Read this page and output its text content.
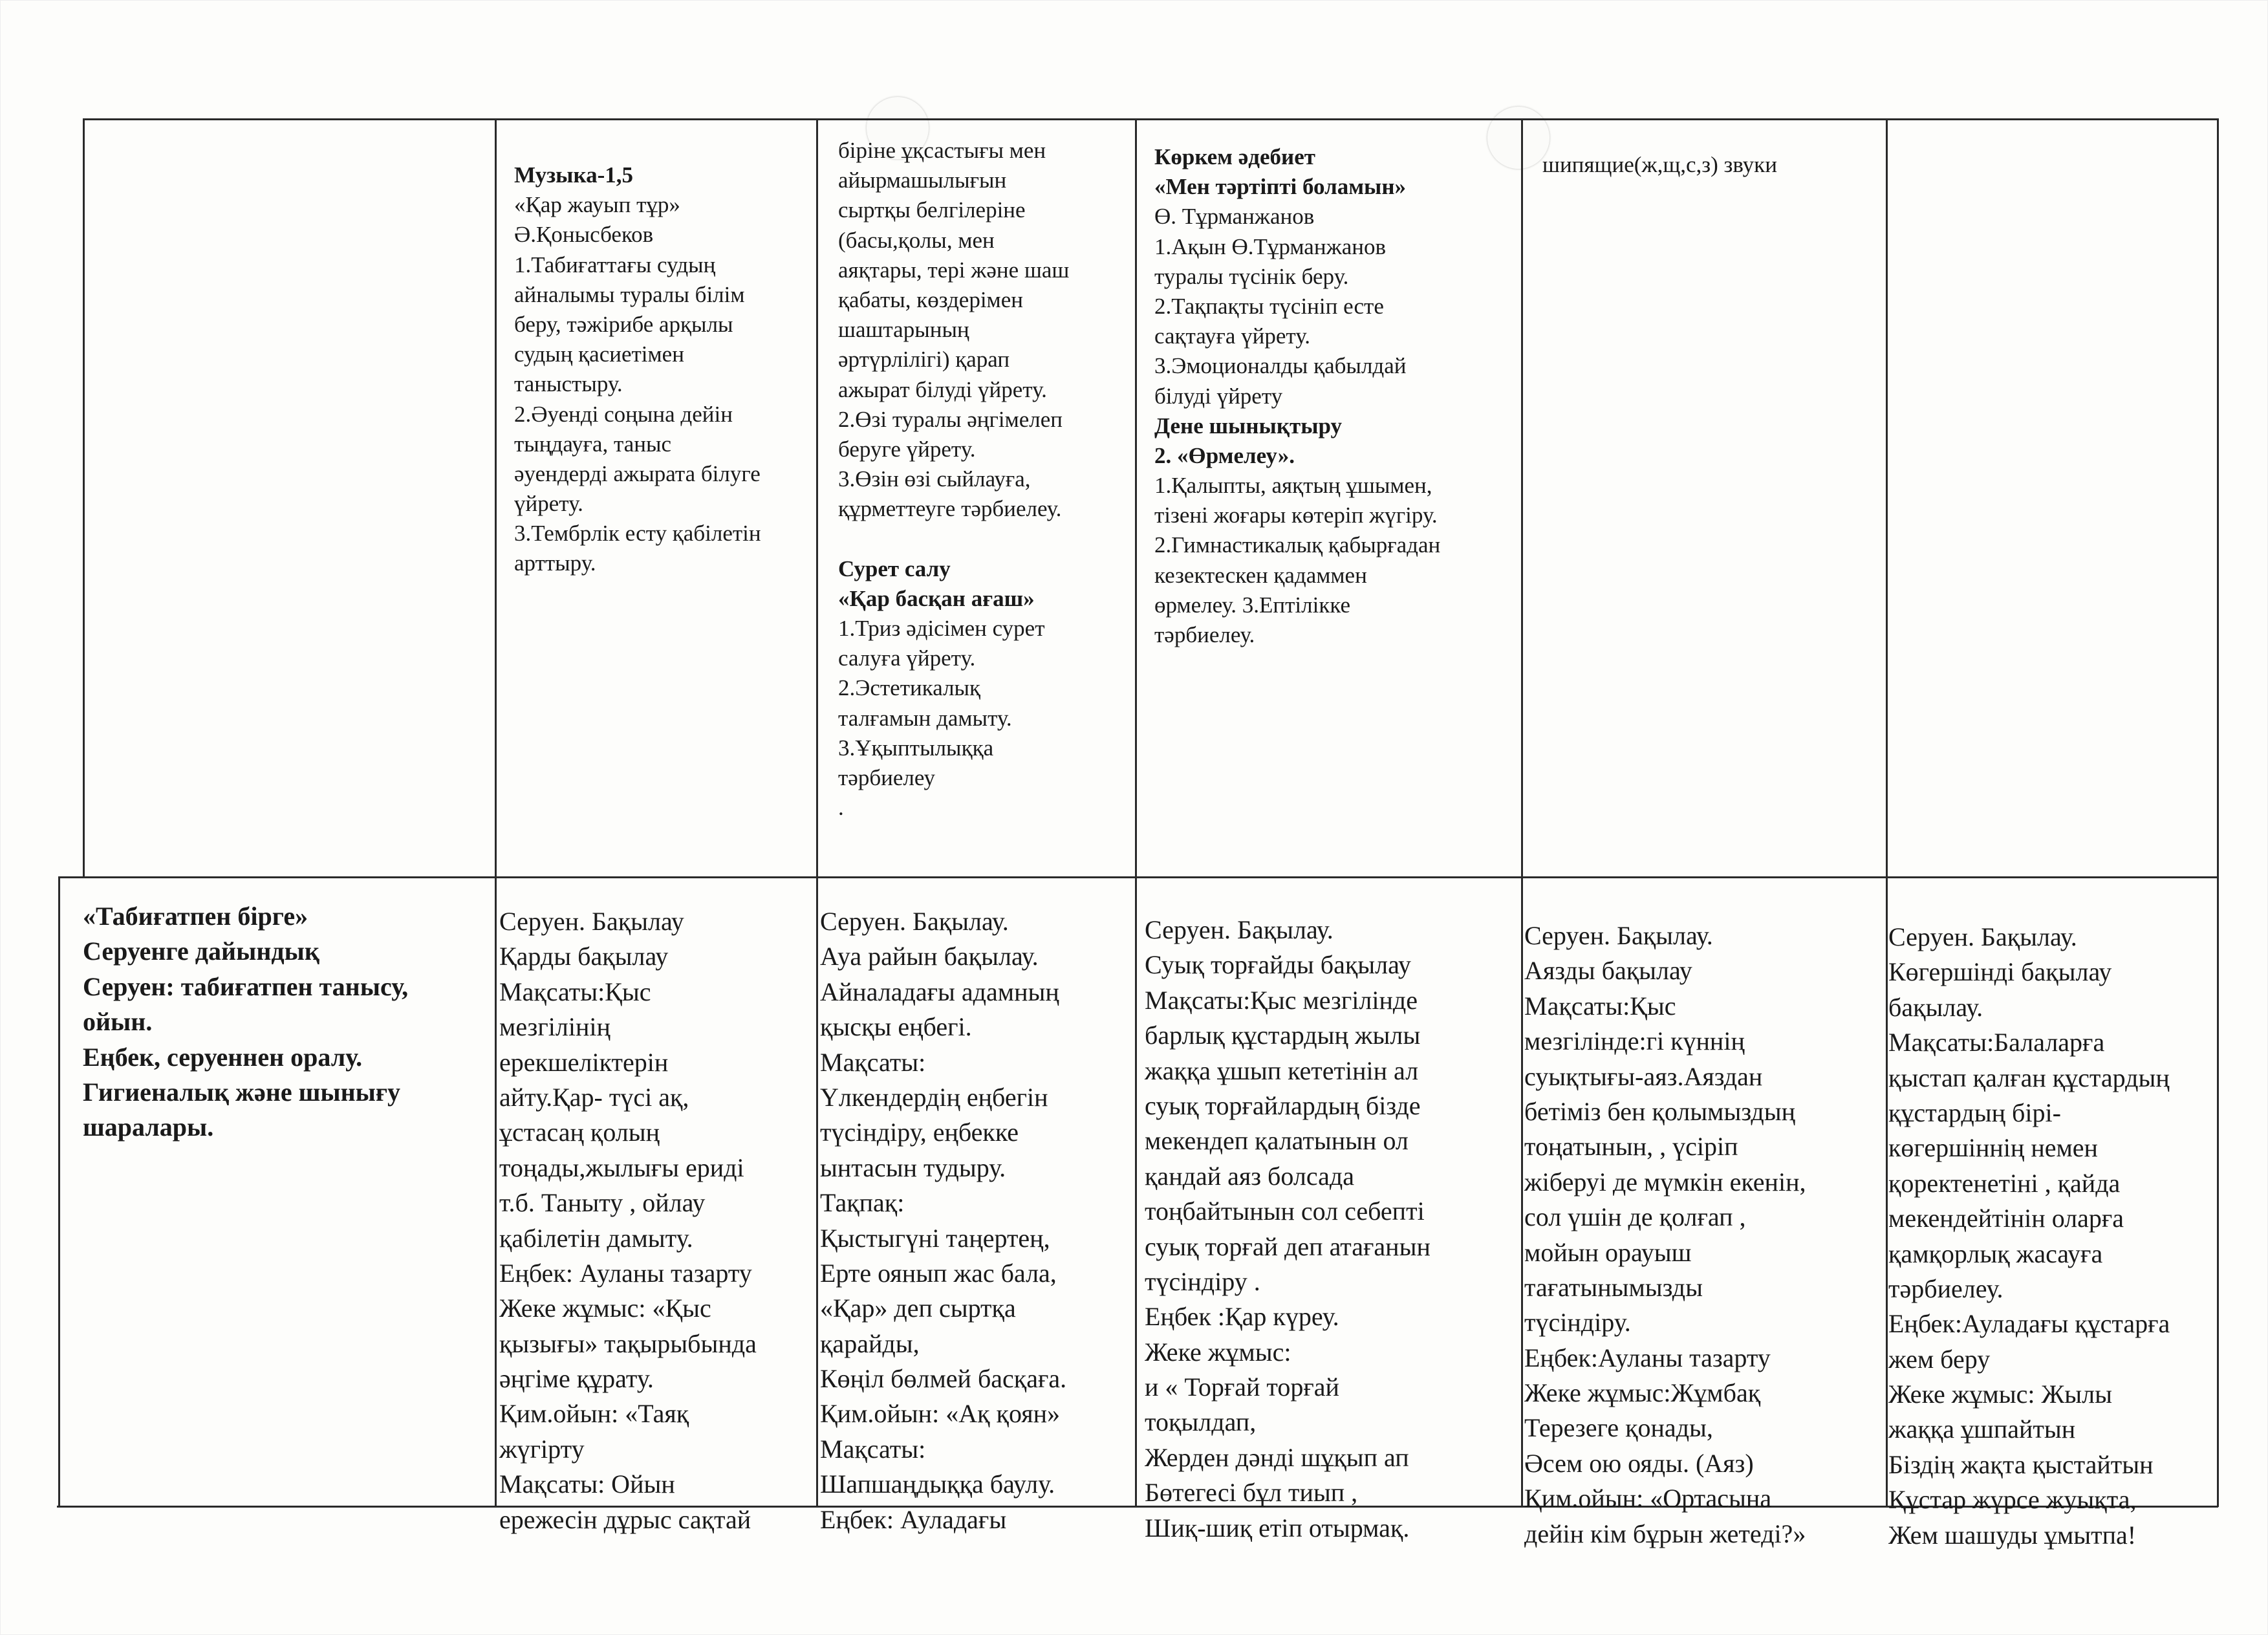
Музыка-1,5
«Қар жауып тұр»
Ә.Қонысбеков
1.Табиғаттағы судың
айналымы туралы білім
беру, тәжірибе арқылы
судың қасиетімен
таныстыру.
2.Әуенді соңына дейін
тыңдауға, таныс
әуендерді ажырата білуге
үйрету.
3.Тембрлік есту қабілетін
арттыру.
біріне ұқсастығы мен
айырмашылығын
сыртқы белгілеріне
(басы,қолы, мен
аяқтары, тері және шаш
қабаты, көздерімен
шаштарының
әртүрлілігі) қарап
ажырат білуді үйрету.
2.Өзі туралы әңгімелеп
беруге үйрету.
3.Өзін өзі сыйлауға,
құрметтеуге тәрбиелеу.

Сурет салу
«Қар басқан ағаш»
1.Триз әдісімен сурет
салуға үйрету.
2.Эстетикалық
талғамын дамыту.
3.Ұқыптылыққа
тәрбиелеу
.
Көркем әдебиет
«Мен тәртіпті боламын»
Ө. Тұрманжанов
1.Ақын Ө.Тұрманжанов
туралы түсінік беру.
2.Тақпақты түсініп есте
сақтауға үйрету.
3.Эмоционалды қабылдай
білуді үйрету
Дене шынықтыру
2. «Өрмелеу».
1.Қалыпты, аяқтың ұшымен,
тізені жоғары көтеріп жүгіру.
2.Гимнастикалық қабырғадан
кезектескен қадаммен
өрмелеу. 3.Ептілікке
тәрбиелеу.
шипящие(ж,щ,с,з) звуки
«Табиғатпен бірге»
Серуенге дайындық
Серуен: табиғатпен танысу,
ойын.
Еңбек, серуеннен оралу.
Гигиеналық және шынығу
шаралары.
Серуен. Бақылау
Қарды бақылау
Мақсаты:Қыс
мезгілінің
ерекшеліктерін
айту.Қар- түсі ақ,
ұстасаң қолың
тоңады,жылығы ериді
т.б. Таныту , ойлау
қабілетін дамыту.
Еңбек: Ауланы тазарту
Жеке жұмыс: «Қыс
қызығы» тақырыбында
әңгіме құрату.
Қим.ойын: «Таяқ
жүгірту
Мақсаты: Ойын
ережесін дұрыс сақтай
Серуен. Бақылау.
Ауа райын бақылау.
Айналадағы адамның
қысқы еңбегі.
Мақсаты:
Үлкендердің еңбегін
түсіндіру, еңбекке
ынтасын тудыру.
Тақпақ:
Қыстыгүні таңертең,
Ерте оянып жас бала,
«Қар» деп сыртқа
қарайды,
Көңіл бөлмей басқаға.
Қим.ойын: «Ақ қоян»
Мақсаты:
Шапшаңдыққа баулу.
Еңбек: Ауладағы
Серуен. Бақылау.
Суық торғайды бақылау
Мақсаты:Қыс мезгілінде
барлық құстардың жылы
жаққа ұшып кететінін ал
суық торғайлардың бізде
мекендеп қалатынын ол
қандай аяз болсада
тоңбайтынын сол себепті
суық торғай деп атағанын
түсіндіру .
Еңбек :Қар күреу.
Жеке жұмыс:
и « Торғай торғай
тоқылдап,
Жерден дәнді шұқып ап
Бөтегесі бұл тиып ,
Шиқ-шиқ етіп отырмақ.
Серуен. Бақылау.
Аязды бақылау
Мақсаты:Қыс
мезгілінде:гі күннің
суықтығы-аяз.Аяздан
бетіміз бен қолымыздың
тоңатынын, , үсіріп
жіберуі де мүмкін екенін,
сол үшін де қолғап ,
мойын орауыш
тағатынымызды
түсіндіру.
Еңбек:Ауланы тазарту
Жеке жұмыс:Жұмбақ
Терезеге қонады,
Әсем ою ояды. (Аяз)
Қим.ойын: «Ортасына
дейін кім бұрын жетеді?»
Серуен. Бақылау.
Көгершінді бақылау
бақылау.
Мақсаты:Балаларға
қыстап қалған құстардың
құстардың бірі-
көгершіннің немен
қоректенетіні , қайда
мекендейтінін оларға
қамқорлық жасауға
тәрбиелеу.
Еңбек:Ауладағы құстарға
жем беру
Жеке жұмыс: Жылы
жаққа ұшпайтын
Біздің жақта қыстайтын
Құстар жүрсе жуықта,
Жем шашуды ұмытпа!
